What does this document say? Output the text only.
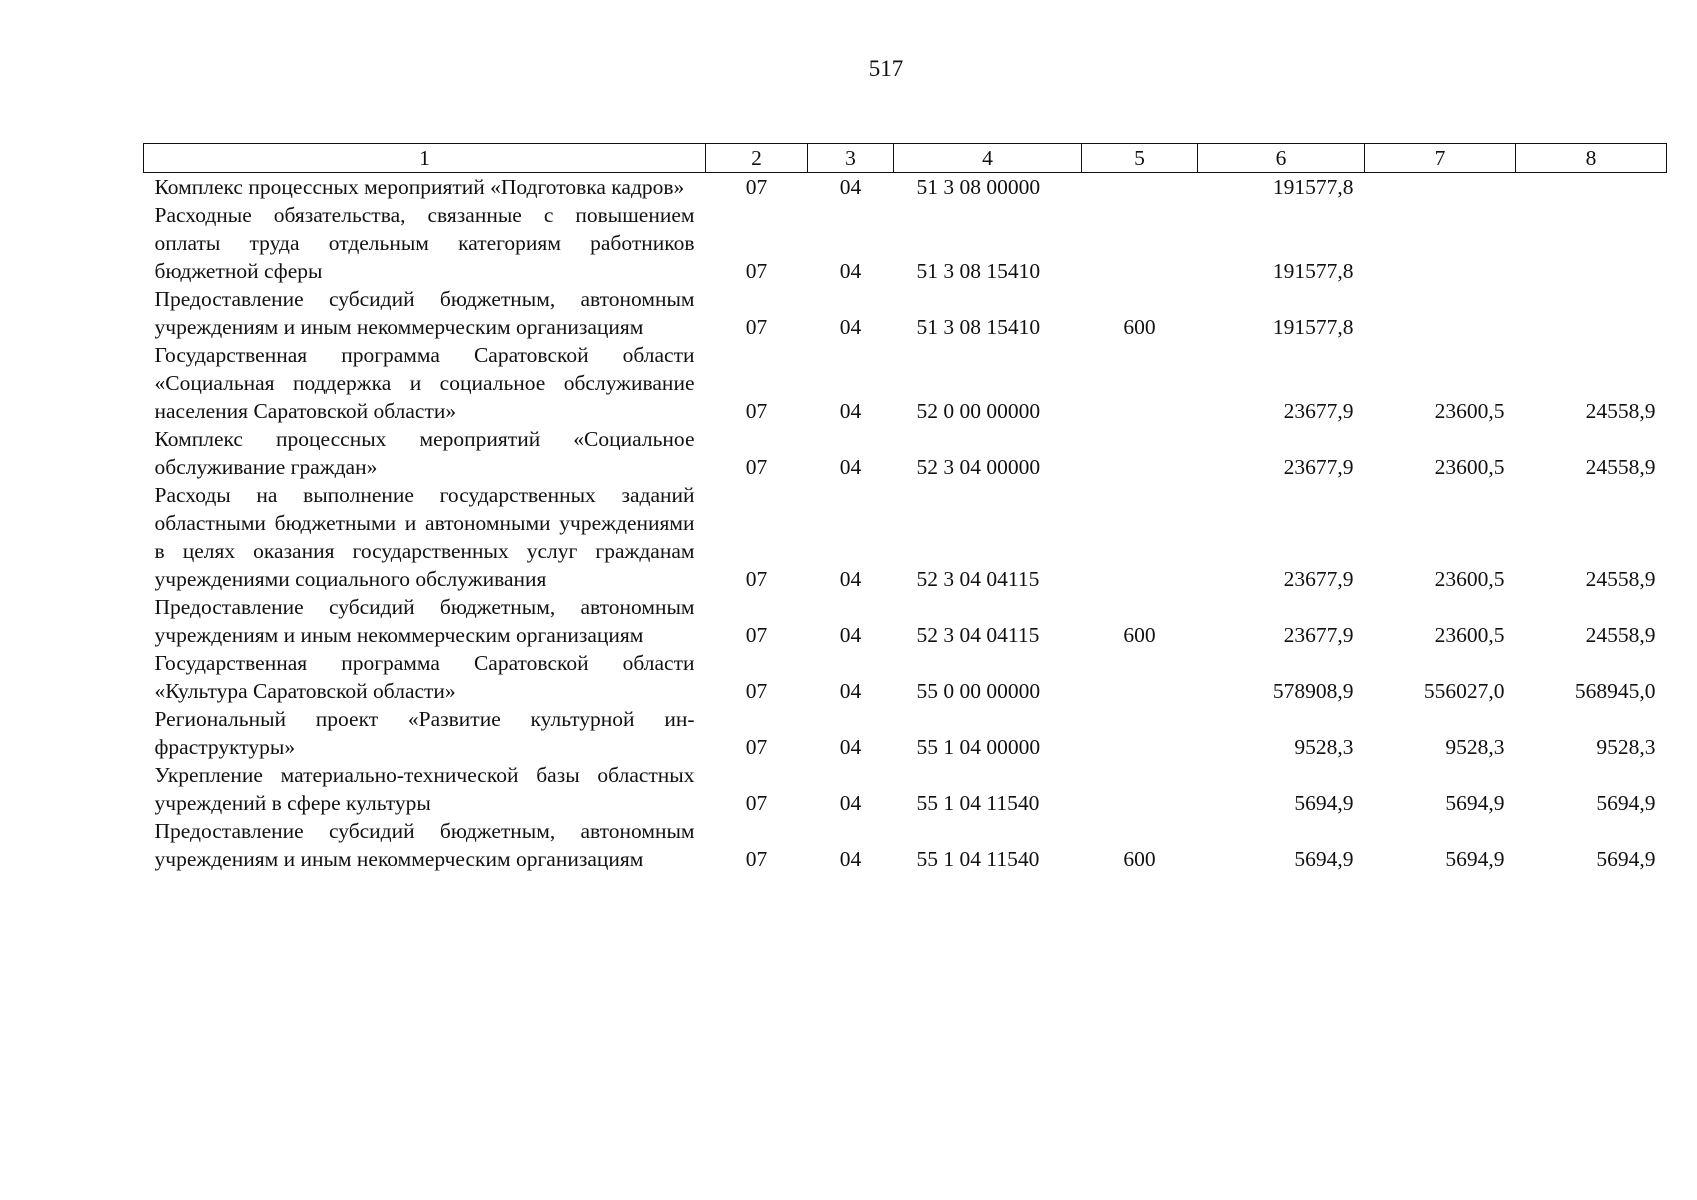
517
1	2	3	4	5	6	7	8
Комплекс процессных мероприятий «Подготовка кадров»	07	04	51 3 08 00000		191577,8		
Расходные обязательства, связанные с повышением оплаты труда отдельным категориям работников бюджетной сферы	07	04	51 3 08 15410		191577,8		
Предоставление субсидий бюджетным, автономным учреждениям и иным некоммерческим организациям	07	04	51 3 08 15410	600	191577,8		
Государственная программа Саратовской области «Социальная поддержка и социальное обслуживание населения Саратовской области»	07	04	52 0 00 00000		23677,9	23600,5	24558,9
Комплекс процессных мероприятий «Социальное обслуживание граждан»	07	04	52 3 04 00000		23677,9	23600,5	24558,9
Расходы на выполнение государственных заданий областными бюджетными и автономными учреждениями в целях оказания государственных услуг гражданам учреждениями социального обслуживания	07	04	52 3 04 04115		23677,9	23600,5	24558,9
Предоставление субсидий бюджетным, автономным учреждениям и иным некоммерческим организациям	07	04	52 3 04 04115	600	23677,9	23600,5	24558,9
Государственная программа Саратовской области «Культура Саратовской области»	07	04	55 0 00 00000		578908,9	556027,0	568945,0
Региональный проект «Развитие культурной инфраструктуры»	07	04	55 1 04 00000		9528,3	9528,3	9528,3
Укрепление материально-технической базы областных учреждений в сфере культуры	07	04	55 1 04 11540		5694,9	5694,9	5694,9
Предоставление субсидий бюджетным, автономным учреждениям и иным некоммерческим организациям	07	04	55 1 04 11540	600	5694,9	5694,9	5694,9
